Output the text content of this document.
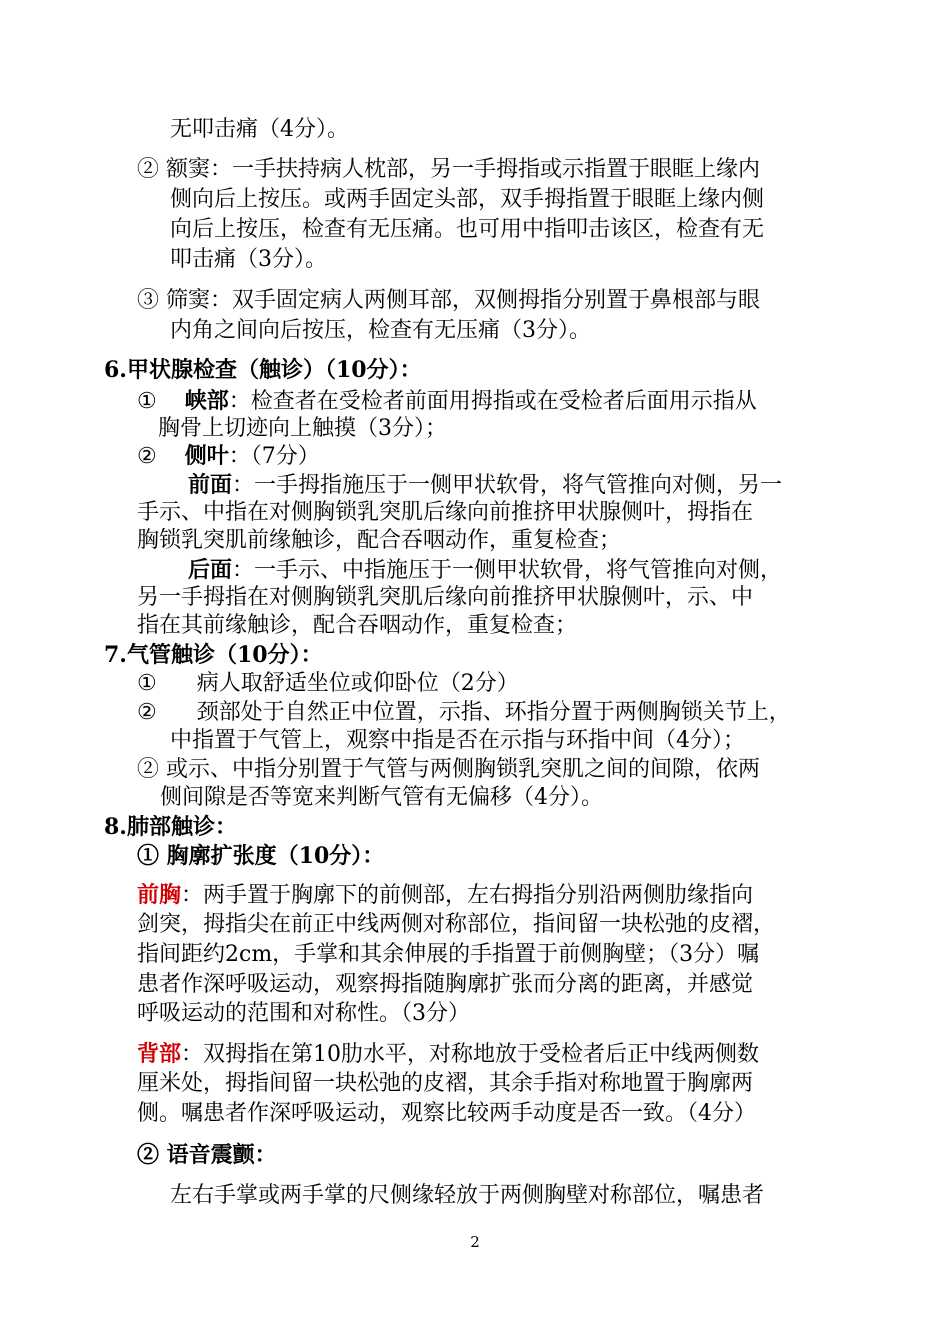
无叩击痛（4分）。
② 额窦：一手扶持病人枕部，另一手拇指或示指置于眼眶上缘内
侧向后上按压。或两手固定头部，双手拇指置于眼眶上缘内侧
向后上按压，检查有无压痛。也可用中指叩击该区，检查有无
叩击痛（3分）。
③ 筛窦：双手固定病人两侧耳部，双侧拇指分别置于鼻根部与眼
内角之间向后按压，检查有无压痛（3分）。
6.甲状腺检查（触诊）（10分）：
① 峡部：检查者在受检者前面用拇指或在受检者后面用示指从
胸骨上切迹向上触摸（3分）；
② 侧叶：（7分）
前面：一手拇指施压于一侧甲状软骨，将气管推向对侧，另一
手示、中指在对侧胸锁乳突肌后缘向前推挤甲状腺侧叶，拇指在
胸锁乳突肌前缘触诊，配合吞咽动作，重复检查；
后面：一手示、中指施压于一侧甲状软骨，将气管推向对侧，
另一手拇指在对侧胸锁乳突肌后缘向前推挤甲状腺侧叶，示、中
指在其前缘触诊，配合吞咽动作，重复检查；
7.气管触诊（10分）：
① 病人取舒适坐位或仰卧位（2分）
② 颈部处于自然正中位置，示指、环指分置于两侧胸锁关节上，
中指置于气管上，观察中指是否在示指与环指中间（4分）；
② 或示、中指分别置于气管与两侧胸锁乳突肌之间的间隙，依两
侧间隙是否等宽来判断气管有无偏移（4分）。
8.肺部触诊：
① 胸廓扩张度（10分）：
前胸：两手置于胸廓下的前侧部，左右拇指分别沿两侧肋缘指向
剑突，拇指尖在前正中线两侧对称部位，指间留一块松弛的皮褶，
指间距约2cm，手掌和其余伸展的手指置于前侧胸壁；（3分）嘱
患者作深呼吸运动，观察拇指随胸廓扩张而分离的距离，并感觉
呼吸运动的范围和对称性。（3分）
背部：双拇指在第10肋水平，对称地放于受检者后正中线两侧数
厘米处，拇指间留一块松弛的皮褶，其余手指对称地置于胸廓两
侧。嘱患者作深呼吸运动，观察比较两手动度是否一致。（4分）
② 语音震颤：
左右手掌或两手掌的尺侧缘轻放于两侧胸壁对称部位，嘱患者
2
